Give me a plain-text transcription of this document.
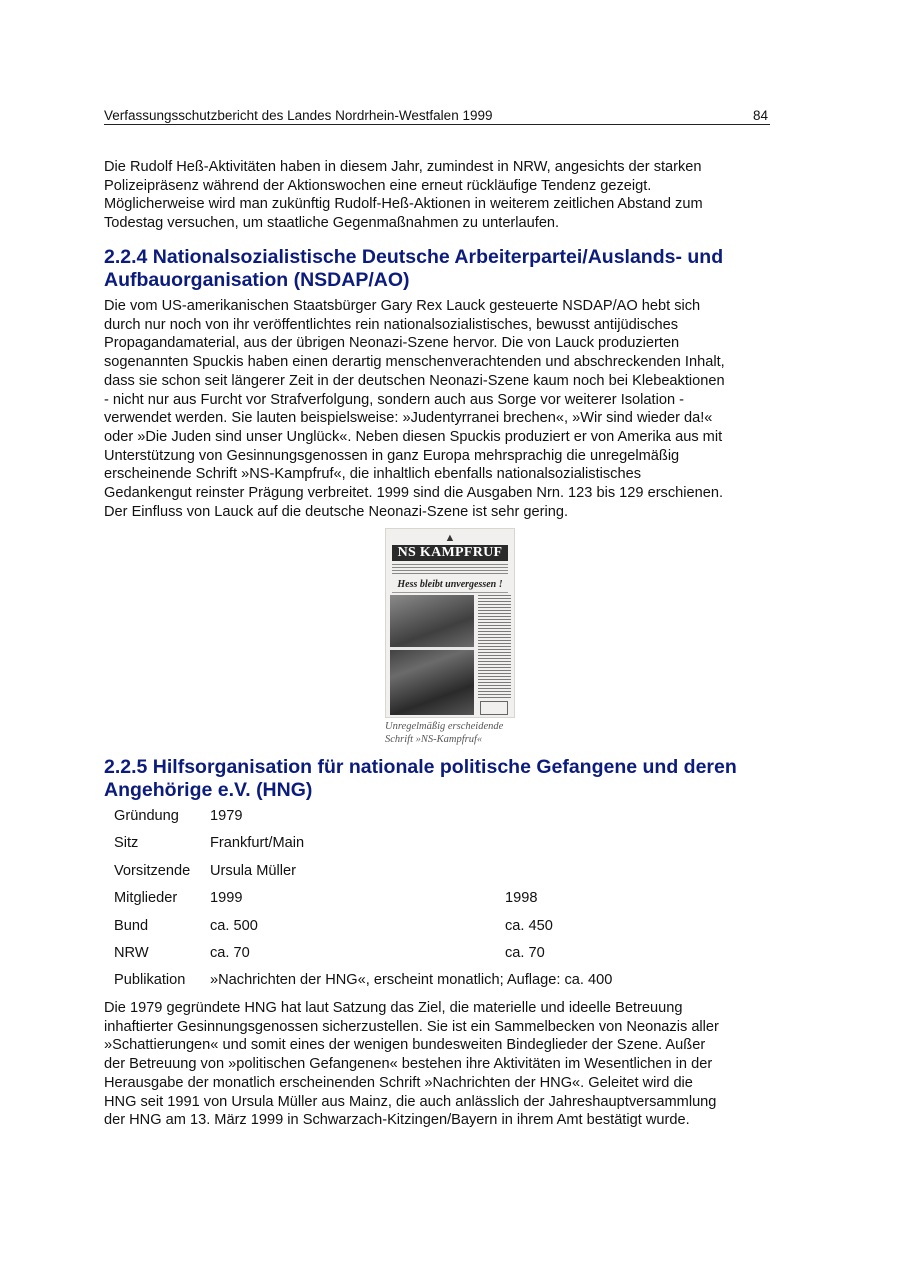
Verfassungsschutzbericht des Landes Nordrhein-Westfalen 1999	84

Die Rudolf Heß-Aktivitäten haben in diesem Jahr, zumindest in NRW, angesichts der starken
Polizeipräsenz während der Aktionswochen eine erneut rückläufige Tendenz gezeigt.
Möglicherweise wird man zukünftig Rudolf-Heß-Aktionen in weiterem zeitlichen Abstand zum
Todestag versuchen, um staatliche Gegenmaßnahmen zu unterlaufen.

2.2.4 Nationalsozialistische Deutsche Arbeiterpartei/Auslands- und
Aufbauorganisation (NSDAP/AO)

Die vom US-amerikanischen Staatsbürger Gary Rex Lauck gesteuerte NSDAP/AO hebt sich
durch nur noch von ihr veröffentlichtes rein nationalsozialistisches, bewusst antijüdisches
Propagandamaterial, aus der übrigen Neonazi-Szene hervor. Die von Lauck produzierten
sogenannten Spuckis haben einen derartig menschenverachtenden und abschreckenden Inhalt,
dass sie schon seit längerer Zeit in der deutschen Neonazi-Szene kaum noch bei Klebeaktionen
- nicht nur aus Furcht vor Strafverfolgung, sondern auch aus Sorge vor weiterer Isolation -
verwendet werden. Sie lauten beispielsweise: »Judentyrranei brechen«, »Wir sind wieder da!«
oder »Die Juden sind unser Unglück«. Neben diesen Spuckis produziert er von Amerika aus mit
Unterstützung von Gesinnungsgenossen in ganz Europa mehrsprachig die unregelmäßig
erscheinende Schrift »NS-Kampfruf«, die inhaltlich ebenfalls nationalsozialistisches
Gedankengut reinster Prägung verbreitet. 1999 sind die Ausgaben Nrn. 123 bis 129 erschienen.
Der Einfluss von Lauck auf die deutsche Neonazi-Szene ist sehr gering.

▲
NS KAMPFRUF
Hess bleibt unvergessen !
Unregelmäßig erscheidende
Schrift »NS-Kampfruf«
2.2.5 Hilfsorganisation für nationale politische Gefangene und deren
Angehörige e.V. (HNG)
Gründung 1979
Sitz	Frankfurt/Main
Vorsitzende Ursula Müller
Mitglieder 1999	1998
Bund	ca. 500	ca. 450
NRW	ca. 70	ca. 70
Publikation »Nachrichten der HNG«, erscheint monatlich; Auflage: ca. 400

Die 1979 gegründete HNG hat laut Satzung das Ziel, die materielle und ideelle Betreuung
inhaftierter Gesinnungsgenossen sicherzustellen. Sie ist ein Sammelbecken von Neonazis aller
»Schattierungen« und somit eines der wenigen bundesweiten Bindeglieder der Szene. Außer
der Betreuung von »politischen Gefangenen« bestehen ihre Aktivitäten im Wesentlichen in der
Herausgabe der monatlich erscheinenden Schrift »Nachrichten der HNG«. Geleitet wird die
HNG seit 1991 von Ursula Müller aus Mainz, die auch anlässlich der Jahreshauptversammlung
der HNG am 13. März 1999 in Schwarzach-Kitzingen/Bayern in ihrem Amt bestätigt wurde.
